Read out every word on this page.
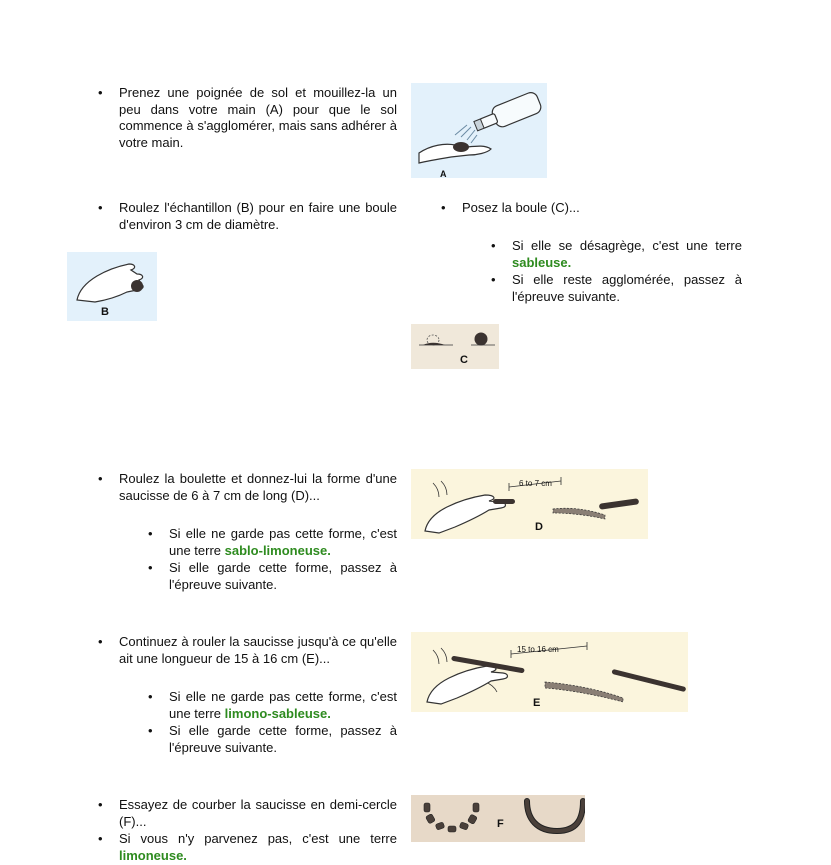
• Prenez une poignée de sol et mouillez-la un peu dans votre main (A) pour que le sol commence à s'agglomérer, mais sans adhérer à votre main.
A
• Roulez l'échantillon (B) pour en faire une boule d'environ 3 cm de diamètre.
B
• Posez la boule (C)...
• Si elle se désagrège, c'est une terre sableuse.
• Si elle reste agglomérée, passez à l'épreuve suivante.
C
• Roulez la boulette et donnez-lui la forme d'une saucisse de 6 à 7 cm de long (D)...
• Si elle ne garde pas cette forme, c'est une terre sablo-limoneuse.
• Si elle garde cette forme, passez à l'épreuve suivante.
6 to 7 cm
D
• Continuez à rouler la saucisse jusqu'à ce qu'elle ait une longueur de 15 à 16 cm (E)...
• Si elle ne garde pas cette forme, c'est une terre limono-sableuse.
• Si elle garde cette forme, passez à l'épreuve suivante.
15 to 16 cm
E
• Essayez de courber la saucisse en demi-cercle (F)...
• Si vous n'y parvenez pas, c'est une terre limoneuse.
F
